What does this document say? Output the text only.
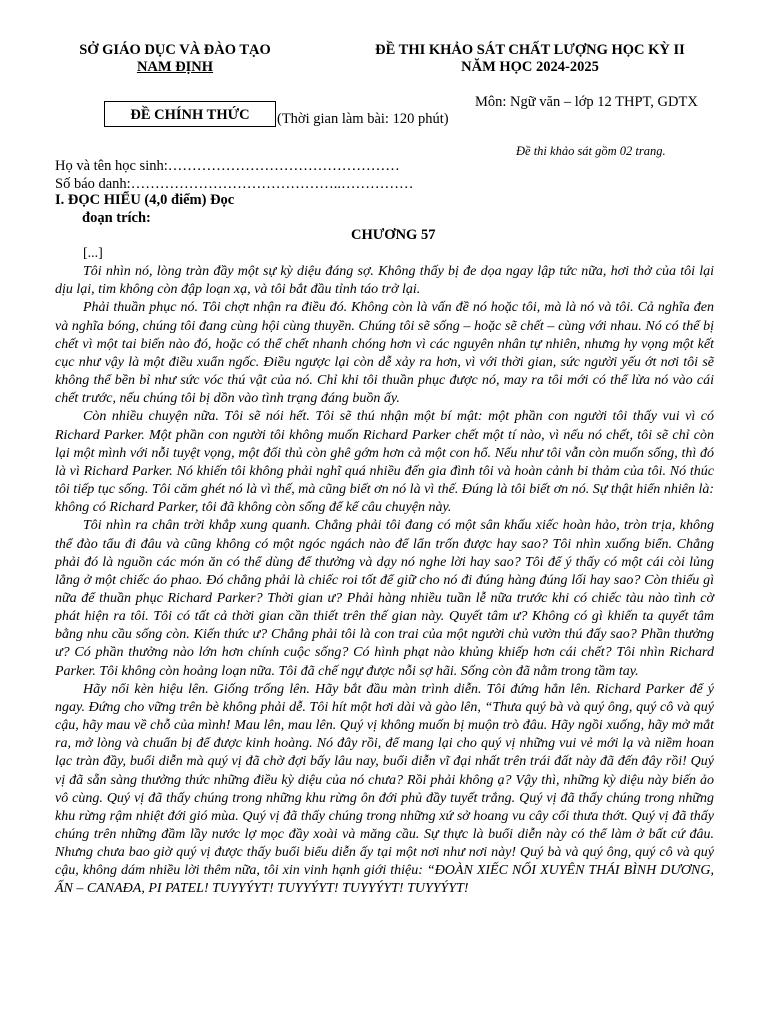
SỞ GIÁO DỤC VÀ ĐÀO TẠO
NAM ĐỊNH
ĐỀ THI KHẢO SÁT CHẤT LƯỢNG HỌC KỲ II
NĂM HỌC 2024-2025
Môn: Ngữ văn – lớp 12 THPT, GDTX
ĐỀ CHÍNH THỨC	(Thời gian làm bài: 120 phút)
Đề thi khảo sát gồm 02 trang.
Họ và tên học sinh:…………………………………………
Số báo danh:……………………………………..……………
I. ĐỌC HIỂU (4,0 điểm) Đọc
đoạn trích:
CHƯƠNG 57

[...]

Tôi nhìn nó, lòng tràn đầy một sự kỳ diệu đáng sợ. Không thấy bị đe dọa ngay lập tức nữa, hơi thở của tôi lại dịu lại, tim không còn đập loạn xạ, và tôi bắt đầu tỉnh táo trở lại.

Phải thuần phục nó. Tôi chợt nhận ra điều đó. Không còn là vấn đề nó hoặc tôi, mà là nó và tôi. Cả nghĩa đen và nghĩa bóng, chúng tôi đang cùng hội cùng thuyền. Chúng tôi sẽ sống – hoặc sẽ chết – cùng với nhau. Nó có thể bị chết vì một tai biến nào đó, hoặc có thể chết nhanh chóng hơn vì các nguyên nhân tự nhiên, nhưng hy vọng một kết cục như vậy là một điều xuẩn ngốc. Điều ngược lại còn dễ xảy ra hơn, vì với thời gian, sức người yếu ớt nơi tôi sẽ không thể bền bỉ như sức vóc thú vật của nó. Chỉ khi tôi thuần phục được nó, may ra tôi mới có thể lừa nó vào cái chết trước, nếu chúng tôi bị dồn vào tình trạng đáng buồn ấy.

Còn nhiều chuyện nữa. Tôi sẽ nói hết. Tôi sẽ thú nhận một bí mật: một phần con người tôi thấy vui vì có Richard Parker. Một phần con người tôi không muốn Richard Parker chết một tí nào, vì nếu nó chết, tôi sẽ chỉ còn lại một mình với nỗi tuyệt vọng, một đối thủ còn ghê gớm hơn cả một con hổ. Nếu như tôi vẫn còn muốn sống, thì đó là vì Richard Parker. Nó khiến tôi không phải nghĩ quá nhiều đến gia đình tôi và hoàn cảnh bi thảm của tôi. Nó thúc tôi tiếp tục sống. Tôi căm ghét nó là vì thế, mà cũng biết ơn nó là vì thế. Đúng là tôi biết ơn nó. Sự thật hiển nhiên là: không có Richard Parker, tôi đã không còn sống để kể câu chuyện này.

Tôi nhìn ra chân trời khắp xung quanh. Chẳng phải tôi đang có một sân khấu xiếc hoàn hảo, tròn trịa, không thể đào tẩu đi đâu và cũng không có một ngóc ngách nào để lẩn trốn được hay sao? Tôi nhìn xuống biển. Chẳng phải đó là nguồn các món ăn có thể dùng để thưởng và dạy nó nghe lời hay sao? Tôi để ý thấy có một cái còi lủng lẳng ở một chiếc áo phao. Đó chẳng phải là chiếc roi tốt để giữ cho nó đi đúng hàng đúng lối hay sao? Còn thiếu gì nữa để thuần phục Richard Parker? Thời gian ư? Phải hàng nhiều tuần lễ nữa trước khi có chiếc tàu nào tình cờ phát hiện ra tôi. Tôi có tất cả thời gian cần thiết trên thế gian này. Quyết tâm ư? Không có gì khiến ta quyết tâm bằng nhu cầu sống còn. Kiến thức ư? Chẳng phải tôi là con trai của một người chủ vườn thú đấy sao? Phần thưởng ư? Có phần thưởng nào lớn hơn chính cuộc sống? Có hình phạt nào khủng khiếp hơn cái chết? Tôi nhìn Richard Parker. Tôi không còn hoảng loạn nữa. Tôi đã chế ngự được nỗi sợ hãi. Sống còn đã nằm trong tầm tay.

Hãy nổi kèn hiệu lên. Giống trống lên. Hãy bắt đầu màn trình diễn. Tôi đứng hẳn lên. Richard Parker để ý ngay. Đứng cho vững trên bè không phải dễ. Tôi hít một hơi dài và gào lên, “Thưa quý bà và quý ông, quý cô và quý cậu, hãy mau về chỗ của mình! Mau lên, mau lên. Quý vị không muốn bị muộn trò đâu. Hãy ngồi xuống, hãy mở mắt ra, mở lòng và chuẩn bị để được kinh hoàng. Nó đây rồi, để mang lại cho quý vị những vui vẻ mới lạ và niềm hoan lạc tràn đầy, buổi diễn mà quý vị đã chờ đợi bấy lâu nay, buổi diễn vĩ đại nhất trên trái đất này đã đến đây rồi! Quý vị đã sẵn sàng thưởng thức những điều kỳ diệu của nó chưa? Rồi phải không ạ? Vậy thì, những kỳ diệu này biến ảo vô cùng. Quý vị đã thấy chúng trong những khu rừng ôn đới phủ đầy tuyết trắng. Quý vị đã thấy chúng trong những khu rừng rậm nhiệt đới gió mùa. Quý vị đã thấy chúng trong những xứ sở hoang vu cây cối thưa thớt. Quý vị đã thấy chúng trên những đầm lầy nước lợ mọc đầy xoài và măng cầu. Sự thực là buổi diễn này có thể làm ở bất cứ đâu. Nhưng chưa bao giờ quý vị được thấy buổi biểu diễn ấy tại một nơi như nơi này! Quý bà và quý ông, quý cô và quý cậu, không dám nhiều lời thêm nữa, tôi xin vinh hạnh giới thiệu: “ĐOÀN XIẾC NỔI XUYÊN THÁI BÌNH DƯƠNG, ẤN – CANAĐA, PI PATEL! TUYYÝYT! TUYYÝYT! TUYYÝYT! TUYYÝYT!
